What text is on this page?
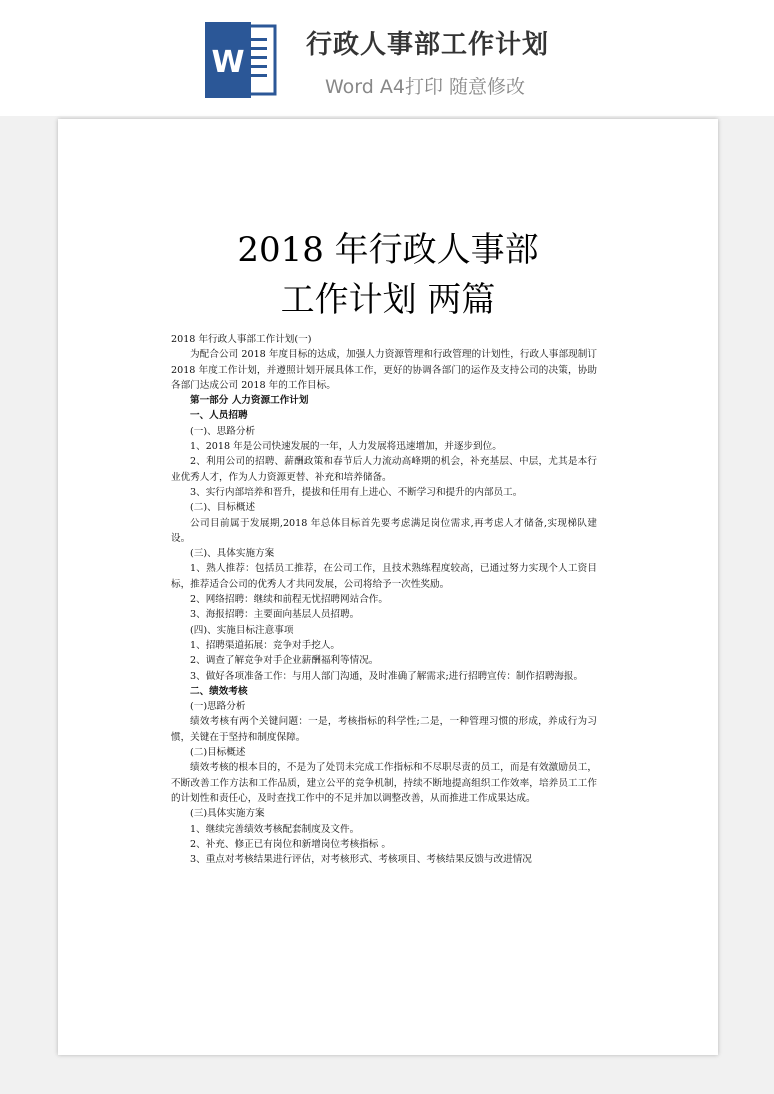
W 行政人事部工作计划
Word A4打印 随意修改
​
2018 年行政人事部
工作计划 两篇

2018 年行政人事部工作计划(一)

为配合公司 2018 年度目标的达成，加强人力资源管理和行政管理的计划性，行政人事部现制订 2018 年度工作计划，并遵照计划开展具体工作，更好的协调各部门的运作及支持公司的决策，协助各部门达成公司 2018 年的工作目标。

第一部分 人力资源工作计划

一、人员招聘

(一)、思路分析

1、2018 年是公司快速发展的一年，人力发展将迅速增加，并逐步到位。

2、利用公司的招聘、薪酬政策和春节后人力流动高峰期的机会，补充基层、中层，尤其是本行业优秀人才，作为人力资源更替、补充和培养储备。

3、实行内部培养和晋升，提拔和任用有上进心、不断学习和提升的内部员工。

(二)、目标概述

公司目前属于发展期,2018 年总体目标首先要考虑满足岗位需求,再考虑人才储备,实现梯队建设。

(三)、具体实施方案

1、熟人推荐：包括员工推荐，在公司工作，且技术熟练程度较高，已通过努力实现个人工资目标，推荐适合公司的优秀人才共同发展，公司将给予一次性奖励。

2、网络招聘：继续和前程无忧招聘网站合作。

3、海报招聘：主要面向基层人员招聘。

(四)、实施目标注意事项

1、招聘渠道拓展：竞争对手挖人。

2、调查了解竞争对手企业薪酬福利等情况。

3、做好各项准备工作：与用人部门沟通，及时准确了解需求;进行招聘宣传：制作招聘海报。

二、绩效考核

(一)思路分析

绩效考核有两个关键问题：一是，考核指标的科学性;二是，一种管理习惯的形成，养成行为习惯，关键在于坚持和制度保障。

(二)目标概述

绩效考核的根本目的，不是为了处罚未完成工作指标和不尽职尽责的员工，而是有效激励员工，不断改善工作方法和工作品质，建立公平的竞争机制，持续不断地提高组织工作效率，培养员工工作的计划性和责任心，及时查找工作中的不足并加以调整改善，从而推进工作成果达成。

(三)具体实施方案

1、继续完善绩效考核配套制度及文件。

2、补充、修正已有岗位和新增岗位考核指标 。

3、重点对考核结果进行评估，对考核形式、考核项目、考核结果反馈与改进情况
